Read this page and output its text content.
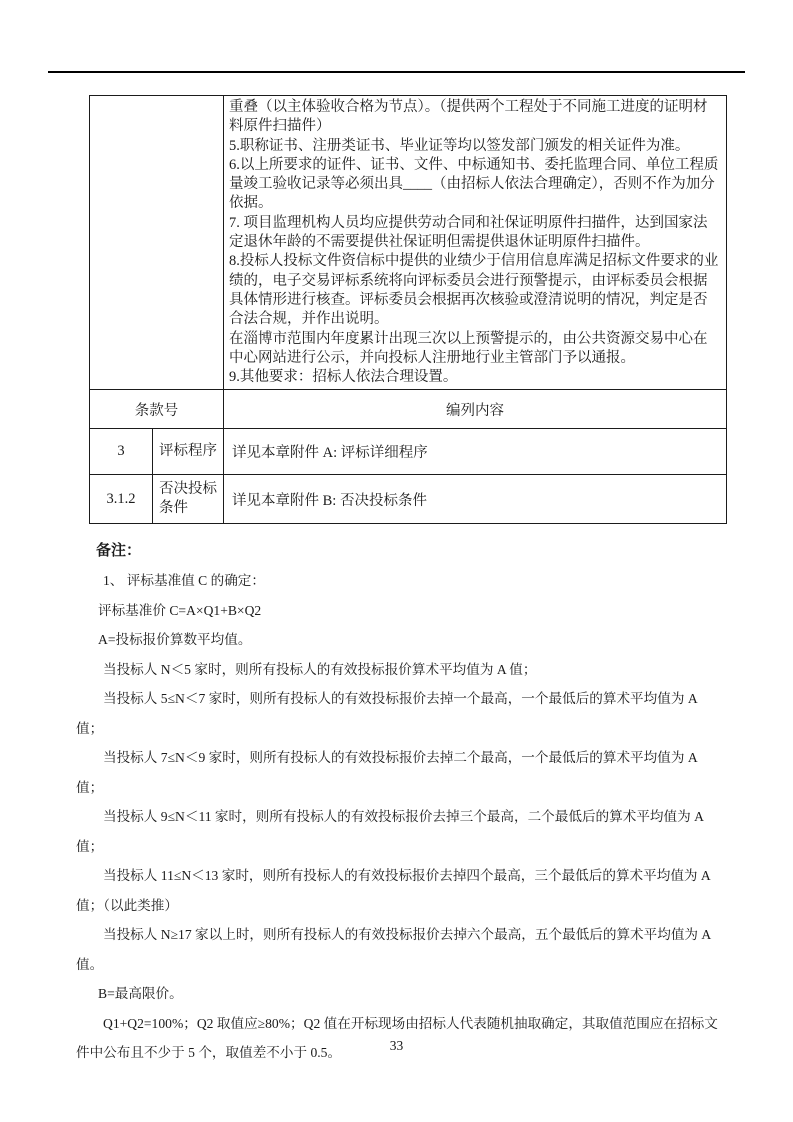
重叠（以主体验收合格为节点）。（提供两个工程处于不同施工进度的证明材料原件扫描件）

5.职称证书、注册类证书、毕业证等均以签发部门颁发的相关证件为准。

6.以上所要求的证件、证书、文件、中标通知书、委托监理合同、单位工程质量竣工验收记录等必须出具____（由招标人依法合理确定），否则不作为加分依据。

7. 项目监理机构人员均应提供劳动合同和社保证明原件扫描件，达到国家法定退休年龄的不需要提供社保证明但需提供退休证明原件扫描件。

8.投标人投标文件资信标中提供的业绩少于信用信息库满足招标文件要求的业绩的，电子交易评标系统将向评标委员会进行预警提示，由评标委员会根据具体情形进行核查。评标委员会根据再次核验或澄清说明的情况，判定是否合法合规，并作出说明。

在淄博市范围内年度累计出现三次以上预警提示的，由公共资源交易中心在中心网站进行公示，并向投标人注册地行业主管部门予以通报。

9.其他要求：招标人依法合理设置。

条款号		编列内容
3	评标程序	详见本章附件 A: 评标详细程序
3.1.2	否决投标条件	详见本章附件 B: 否决投标条件

备注：

1、 评标基准值 C 的确定：

评标基准价 C=A×Q1+B×Q2

A=投标报价算数平均值。

当投标人 N＜5 家时，则所有投标人的有效投标报价算术平均值为 A 值；

当投标人 5≤N＜7 家时，则所有投标人的有效投标报价去掉一个最高，一个最低后的算术平均值为 A 值；

当投标人 7≤N＜9 家时，则所有投标人的有效投标报价去掉二个最高，一个最低后的算术平均值为 A 值；

当投标人 9≤N＜11 家时，则所有投标人的有效投标报价去掉三个最高，二个最低后的算术平均值为 A 值；

当投标人 11≤N＜13 家时，则所有投标人的有效投标报价去掉四个最高，三个最低后的算术平均值为 A 值；（以此类推）

当投标人 N≥17 家以上时，则所有投标人的有效投标报价去掉六个最高，五个最低后的算术平均值为 A 值。

B=最高限价。

Q1+Q2=100%；Q2 取值应≥80%；Q2 值在开标现场由招标人代表随机抽取确定，其取值范围应在招标文件中公布且不少于 5 个，取值差不小于 0.5。	33
